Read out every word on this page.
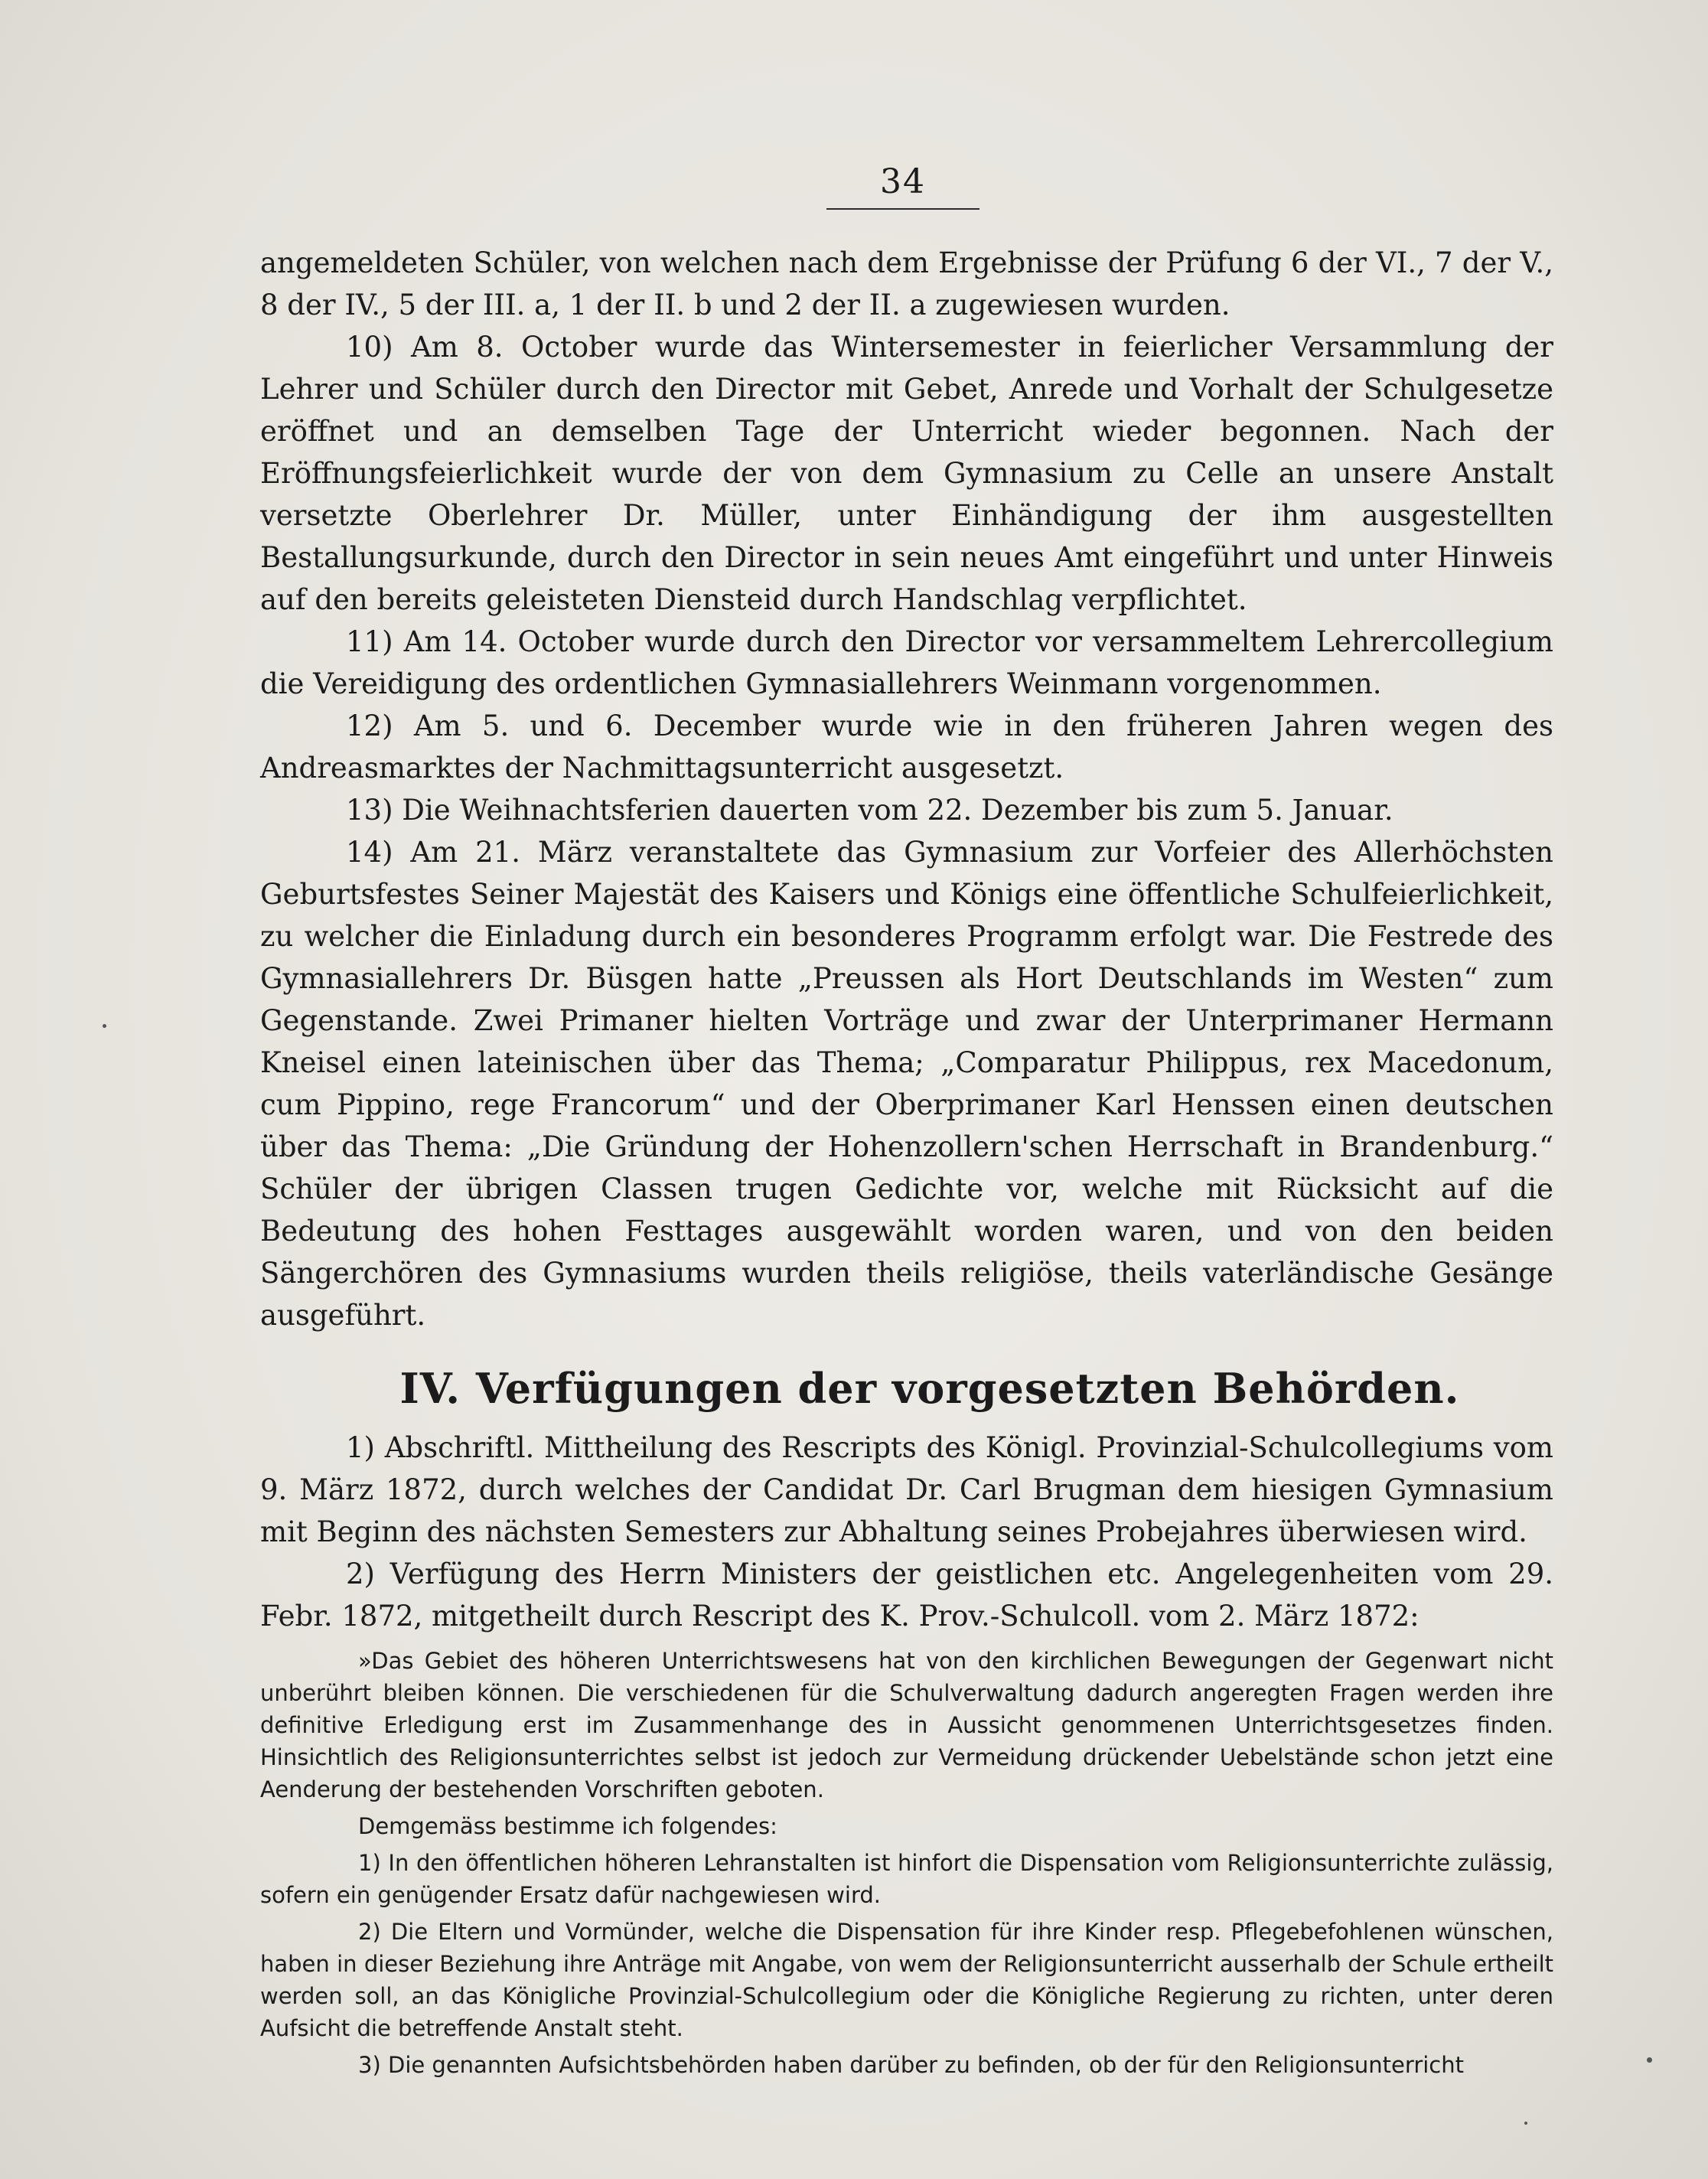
34

angemeldeten Schüler, von welchen nach dem Ergebnisse der Prüfung 6 der VI., 7 der V., 8 der IV., 5 der III. a, 1 der II. b und 2 der II. a zugewiesen wurden.

10) Am 8. October wurde das Wintersemester in feierlicher Versammlung der Lehrer und Schüler durch den Director mit Gebet, Anrede und Vorhalt der Schulgesetze eröffnet und an demselben Tage der Unterricht wieder begonnen. Nach der Eröffnungsfeierlichkeit wurde der von dem Gymnasium zu Celle an unsere Anstalt versetzte Oberlehrer Dr. Müller, unter Einhändigung der ihm ausgestellten Bestallungsurkunde, durch den Director in sein neues Amt eingeführt und unter Hinweis auf den bereits geleisteten Diensteid durch Handschlag verpflichtet.

11) Am 14. October wurde durch den Director vor versammeltem Lehrercollegium die Vereidigung des ordentlichen Gymnasiallehrers Weinmann vorgenommen.

12) Am 5. und 6. December wurde wie in den früheren Jahren wegen des Andreasmarktes der Nachmittagsunterricht ausgesetzt.

13) Die Weihnachtsferien dauerten vom 22. Dezember bis zum 5. Januar.

14) Am 21. März veranstaltete das Gymnasium zur Vorfeier des Allerhöchsten Geburtsfestes Seiner Majestät des Kaisers und Königs eine öffentliche Schulfeierlichkeit, zu welcher die Einladung durch ein besonderes Programm erfolgt war. Die Festrede des Gymnasiallehrers Dr. Büsgen hatte „Preussen als Hort Deutschlands im Westen“ zum Gegenstande. Zwei Primaner hielten Vorträge und zwar der Unterprimaner Hermann Kneisel einen lateinischen über das Thema; „Comparatur Philippus, rex Macedonum, cum Pippino, rege Francorum“ und der Oberprimaner Karl Henssen einen deutschen über das Thema: „Die Gründung der Hohenzollern'schen Herrschaft in Brandenburg.“ Schüler der übrigen Classen trugen Gedichte vor, welche mit Rücksicht auf die Bedeutung des hohen Festtages ausgewählt worden waren, und von den beiden Sängerchören des Gymnasiums wurden theils religiöse, theils vaterländische Gesänge ausgeführt.

IV. Verfügungen der vorgesetzten Behörden.

1) Abschriftl. Mittheilung des Rescripts des Königl. Provinzial-Schulcollegiums vom 9. März 1872, durch welches der Candidat Dr. Carl Brugman dem hiesigen Gymnasium mit Beginn des nächsten Semesters zur Abhaltung seines Probejahres überwiesen wird.

2) Verfügung des Herrn Ministers der geistlichen etc. Angelegenheiten vom 29. Febr. 1872, mitgetheilt durch Rescript des K. Prov.-Schulcoll. vom 2. März 1872:

»Das Gebiet des höheren Unterrichtswesens hat von den kirchlichen Bewegungen der Gegenwart nicht unberührt bleiben können. Die verschiedenen für die Schulverwaltung dadurch angeregten Fragen werden ihre definitive Erledigung erst im Zusammenhange des in Aussicht genommenen Unterrichtsgesetzes finden. Hinsichtlich des Religionsunterrichtes selbst ist jedoch zur Vermeidung drückender Uebelstände schon jetzt eine Aenderung der bestehenden Vorschriften geboten.

Demgemäss bestimme ich folgendes:

1) In den öffentlichen höheren Lehranstalten ist hinfort die Dispensation vom Religionsunterrichte zulässig, sofern ein genügender Ersatz dafür nachgewiesen wird.

2) Die Eltern und Vormünder, welche die Dispensation für ihre Kinder resp. Pflegebefohlenen wünschen, haben in dieser Beziehung ihre Anträge mit Angabe, von wem der Religionsunterricht ausserhalb der Schule ertheilt werden soll, an das Königliche Provinzial-Schulcollegium oder die Königliche Regierung zu richten, unter deren Aufsicht die betreffende Anstalt steht.

3) Die genannten Aufsichtsbehörden haben darüber zu befinden, ob der für den Religionsunterricht
